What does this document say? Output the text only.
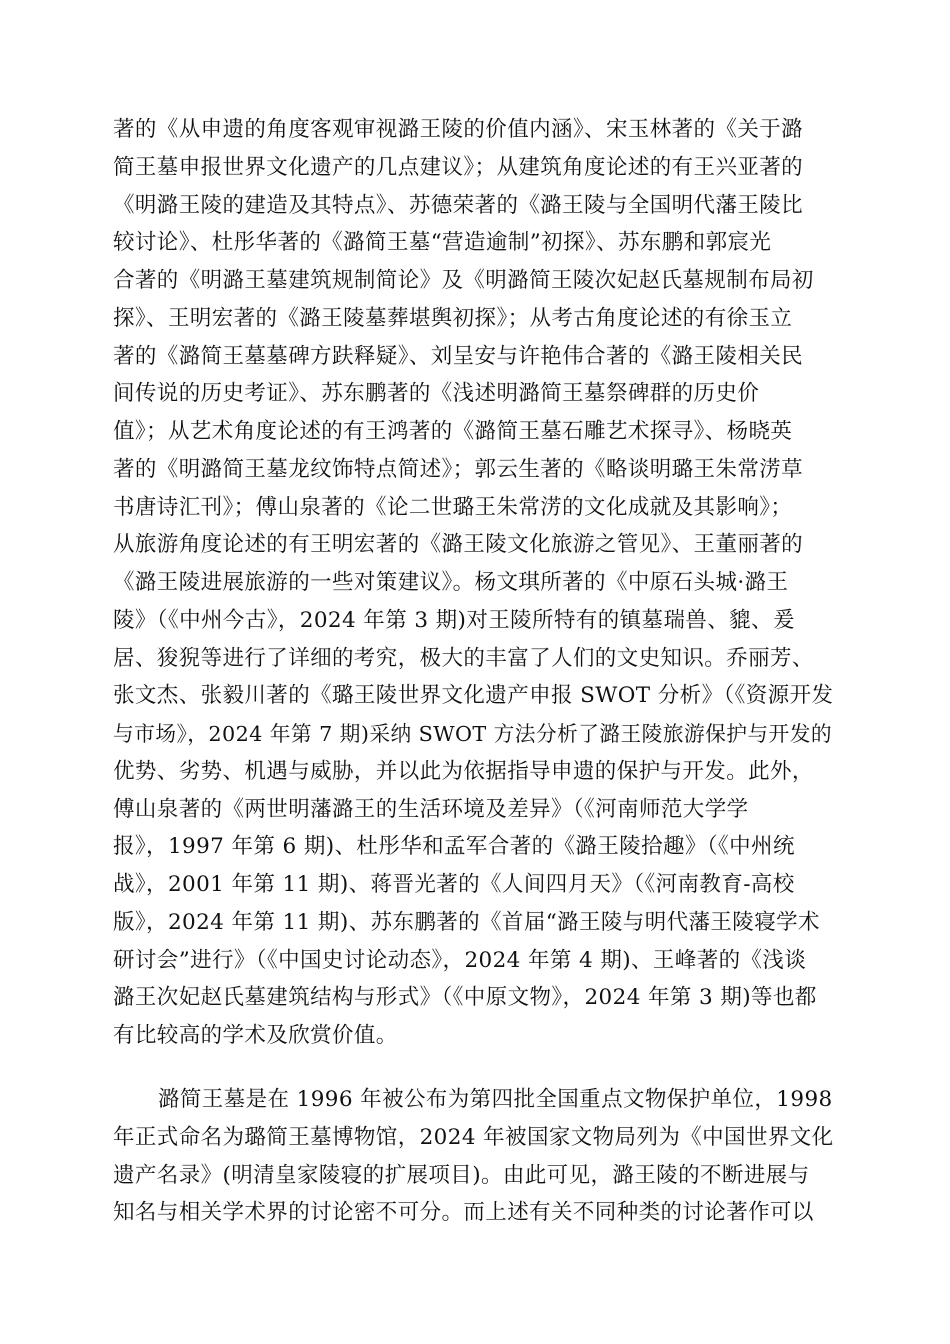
著的《从申遗的角度客观审视潞王陵的价值内涵》、宋玉林著的《关于潞
简王墓申报世界文化遗产的几点建议》；从建筑角度论述的有王兴亚著的
《明潞王陵的建造及其特点》、苏德荣著的《潞王陵与全国明代藩王陵比
较讨论》、杜彤华著的《潞简王墓“营造逾制”初探》、苏东鹏和郭宸光
合著的《明潞王墓建筑规制简论》及《明潞简王陵次妃赵氏墓规制布局初
探》、王明宏著的《潞王陵墓葬堪舆初探》；从考古角度论述的有徐玉立
著的《潞简王墓墓碑方趺释疑》、刘呈安与许艳伟合著的《潞王陵相关民
间传说的历史考证》、苏东鹏著的《浅述明潞简王墓祭碑群的历史价
值》；从艺术角度论述的有王鸿著的《潞简王墓石雕艺术探寻》、杨晓英
著的《明潞简王墓龙纹饰特点简述》；郭云生著的《略谈明璐王朱常淓草
书唐诗汇刊》；傅山泉著的《论二世璐王朱常淓的文化成就及其影响》；
从旅游角度论述的有王明宏著的《潞王陵文化旅游之管见》、王董丽著的
《潞王陵进展旅游的一些对策建议》。杨文琪所著的《中原石头城·潞王
陵》（《中州今古》，2024 年第 3 期)对王陵所特有的镇墓瑞兽、貔、爰
居、狻猊等进行了详细的考究，极大的丰富了人们的文史知识。乔丽芳、
张文杰、张毅川著的《璐王陵世界文化遗产申报 SWOT 分析》（《资源开发
与市场》，2024 年第 7 期)采纳 SWOT 方法分析了潞王陵旅游保护与开发的
优势、劣势、机遇与威胁，并以此为依据指导申遗的保护与开发。此外，
傅山泉著的《两世明藩潞王的生活环境及差异》（《河南师范大学学
报》，1997 年第 6 期)、杜彤华和孟军合著的《潞王陵拾趣》（《中州统
战》，2001 年第 11 期)、蒋晋光著的《人间四月天》（《河南教育-高校
版》，2024 年第 11 期)、苏东鹏著的《首届“潞王陵与明代藩王陵寝学术
研讨会”进行》（《中国史讨论动态》，2024 年第 4 期)、王峰著的《浅谈
潞王次妃赵氏墓建筑结构与形式》（《中原文物》，2024 年第 3 期)等也都
有比较高的学术及欣赏价值。
潞简王墓是在 1996 年被公布为第四批全国重点文物保护单位，1998
年正式命名为璐简王墓博物馆，2024 年被国家文物局列为《中国世界文化
遗产名录》(明清皇家陵寝的扩展项目)。由此可见，潞王陵的不断进展与
知名与相关学术界的讨论密不可分。而上述有关不同种类的讨论著作可以
